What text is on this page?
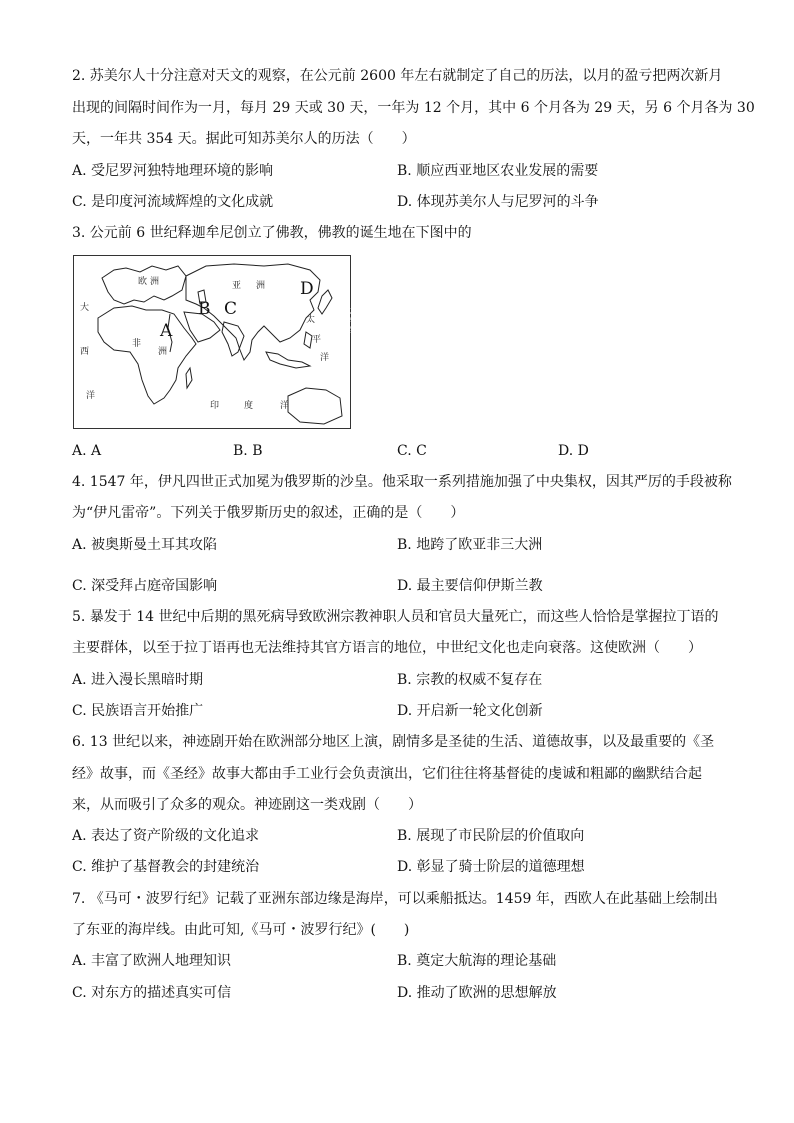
2. 苏美尔人十分注意对天文的观察，在公元前 2600 年左右就制定了自己的历法，以月的盈亏把两次新月
出现的间隔时间作为一月，每月 29 天或 30 天，一年为 12 个月，其中 6 个月各为 29 天，另 6 个月各为 30
天，一年共 354 天。据此可知苏美尔人的历法（　　）
A. 受尼罗河独特地理环境的影响	B. 顺应西亚地区农业发展的需要
C. 是印度河流域辉煌的文化成就	D. 体现苏美尔人与尼罗河的斗争
3. 公元前 6 世纪释迦牟尼创立了佛教，佛教的诞生地在下图中的
欧 洲	亚 洲
非
洲
太
平
洋
大
西
洋
印	度	洋
太
平
洋
A
B C
D
A. A	B. B	C. C	D. D
4. 1547 年，伊凡四世正式加冕为俄罗斯的沙皇。他采取一系列措施加强了中央集权，因其严厉的手段被称
为“伊凡雷帝”。下列关于俄罗斯历史的叙述，正确的是（　　）
A. 被奥斯曼土耳其攻陷	B. 地跨了欧亚非三大洲
C. 深受拜占庭帝国影响	D. 最主要信仰伊斯兰教
5. 暴发于 14 世纪中后期的黑死病导致欧洲宗教神职人员和官员大量死亡，而这些人恰恰是掌握拉丁语的
主要群体，以至于拉丁语再也无法维持其官方语言的地位，中世纪文化也走向衰落。这使欧洲（　　）
A. 进入漫长黑暗时期	B. 宗教的权威不复存在
C. 民族语言开始推广	D. 开启新一轮文化创新
6. 13 世纪以来，神迹剧开始在欧洲部分地区上演，剧情多是圣徒的生活、道德故事，以及最重要的《圣
经》故事，而《圣经》故事大都由手工业行会负责演出，它们往往将基督徒的虔诚和粗鄙的幽默结合起
来，从而吸引了众多的观众。神迹剧这一类戏剧（　　）
A. 表达了资产阶级的文化追求	B. 展现了市民阶层的价值取向
C. 维护了基督教会的封建统治	D. 彰显了骑士阶层的道德理想
7. 《马可・波罗行纪》记载了亚洲东部边缘是海岸，可以乘船抵达。1459 年，西欧人在此基础上绘制出
了东亚的海岸线。由此可知,《马可・波罗行纪》(　　)
A. 丰富了欧洲人地理知识	B. 奠定大航海的理论基础
C. 对东方的描述真实可信	D. 推动了欧洲的思想解放
